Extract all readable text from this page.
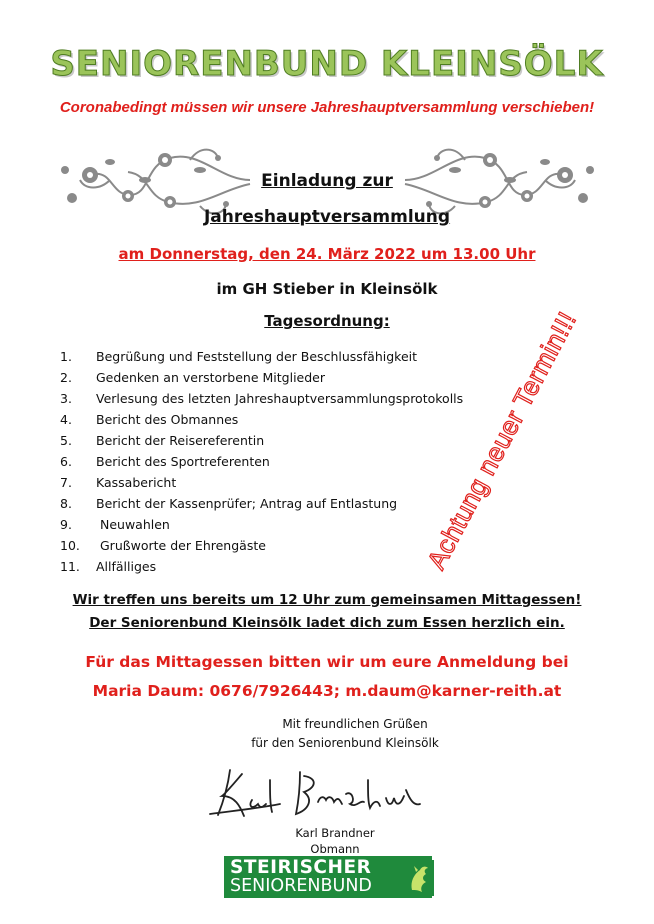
SENIORENBUND KLEINSÖLK
Coronabedingt müssen wir unsere Jahreshauptversammlung verschieben!
Einladung zur
Jahreshauptversammlung
am Donnerstag, den 24. März 2022 um 13.00 Uhr
im GH Stieber in Kleinsölk
Tagesordnung:
1.	Begrüßung und Feststellung der Beschlussfähigkeit
2.	Gedenken an verstorbene Mitglieder
3.	Verlesung des letzten Jahreshauptversammlungsprotokolls
4.	Bericht des Obmannes
5.	Bericht der Reisereferentin
6.	Bericht des Sportreferenten
7.	Kassabericht
8.	Bericht der Kassenprüfer; Antrag auf Entlastung
9.	Neuwahlen
10.	Grußworte der Ehrengäste
11.	Allfälliges	Achtung neuer Termin!!!
Wir treffen uns bereits um 12 Uhr zum gemeinsamen Mittagessen!
Der Seniorenbund Kleinsölk ladet dich zum Essen herzlich ein.
Für das Mittagessen bitten wir um eure Anmeldung bei
Maria Daum: 0676/7926443; m.daum@karner-reith.at
Mit freundlichen Grüßen
für den Seniorenbund Kleinsölk
Karl Brandner
Obmann
STEIRISCHER
SENIORENBUND
